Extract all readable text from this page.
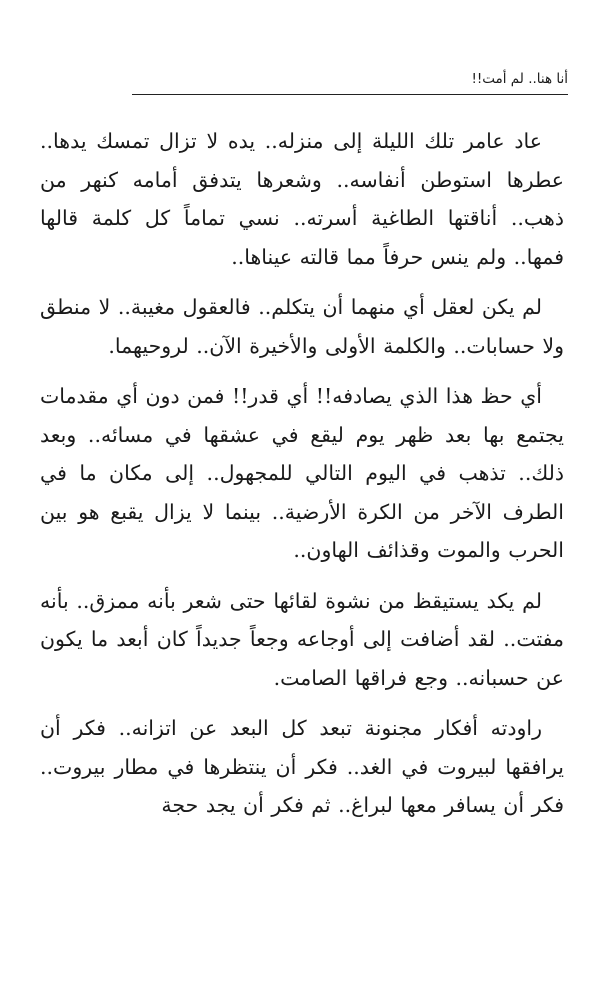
أنا هنا.. لم أمت!!

عاد عامر تلك الليلة إلى منزله.. يده لا تزال تمسك يدها.. عطرها استوطن أنفاسه.. وشعرها يتدفق أمامه كنهر من ذهب.. أناقتها الطاغية أسرته.. نسي تماماً كل كلمة قالها فمها.. ولم ينس حرفاً مما قالته عيناها..

لم يكن لعقل أي منهما أن يتكلم.. فالعقول مغيبة.. لا منطق ولا حسابات.. والكلمة الأولى والأخيرة الآن.. لروحيهما.

أي حظ هذا الذي يصادفه!! أي قدر!! فمن دون أي مقدمات يجتمع بها بعد ظهر يوم ليقع في عشقها في مسائه.. وبعد ذلك.. تذهب في اليوم التالي للمجهول.. إلى مكان ما في الطرف الآخر من الكرة الأرضية.. بينما لا يزال يقبع هو بين الحرب والموت وقذائف الهاون..

لم يكد يستيقظ من نشوة لقائها حتى شعر بأنه ممزق.. بأنه مفتت.. لقد أضافت إلى أوجاعه وجعاً جديداً كان أبعد ما يكون عن حسبانه.. وجع فراقها الصامت.

راودته أفكار مجنونة تبعد كل البعد عن اتزانه.. فكر أن يرافقها لبيروت في الغد.. فكر أن ينتظرها في مطار بيروت.. فكر أن يسافر معها لبراغ.. ثم فكر أن يجد حجة
